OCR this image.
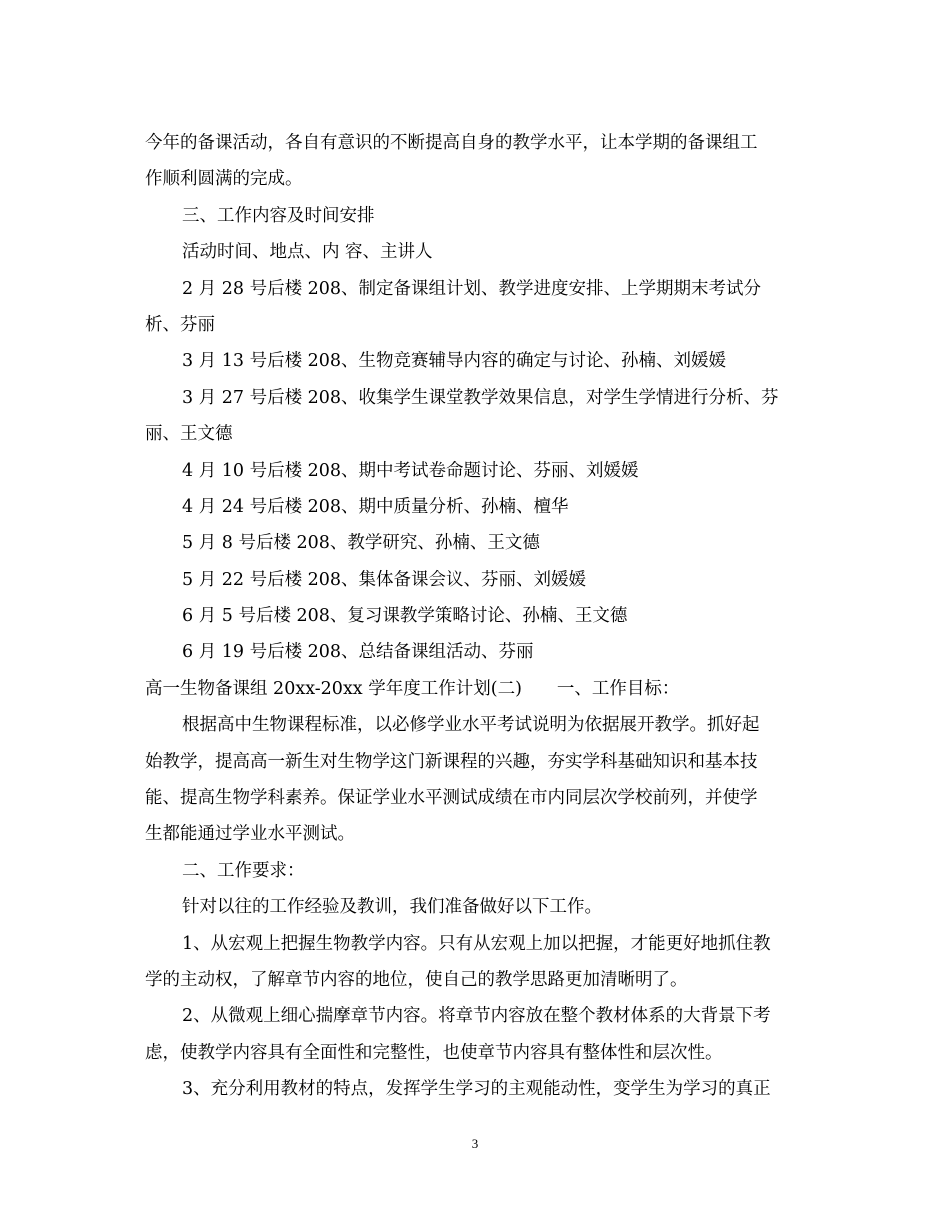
今年的备课活动，各自有意识的不断提高自身的教学水平，让本学期的备课组工
作顺利圆满的完成。
三、工作内容及时间安排
活动时间、地点、内 容、主讲人
2 月 28 号后楼 208、制定备课组计划、教学进度安排、上学期期末考试分
析、芬丽
3 月 13 号后楼 208、生物竞赛辅导内容的确定与讨论、孙楠、刘媛媛
3 月 27 号后楼 208、收集学生课堂教学效果信息，对学生学情进行分析、芬
丽、王文德
4 月 10 号后楼 208、期中考试卷命题讨论、芬丽、刘媛媛
4 月 24 号后楼 208、期中质量分析、孙楠、檀华
5 月 8 号后楼 208、教学研究、孙楠、王文德
5 月 22 号后楼 208、集体备课会议、芬丽、刘媛媛
6 月 5 号后楼 208、复习课教学策略讨论、孙楠、王文德
6 月 19 号后楼 208、总结备课组活动、芬丽
高一生物备课组 20xx-20xx 学年度工作计划(二)　　一、工作目标：
根据高中生物课程标准，以必修学业水平考试说明为依据展开教学。抓好起
始教学，提高高一新生对生物学这门新课程的兴趣，夯实学科基础知识和基本技
能、提高生物学科素养。保证学业水平测试成绩在市内同层次学校前列，并使学
生都能通过学业水平测试。
二、工作要求：
针对以往的工作经验及教训，我们准备做好以下工作。
1、从宏观上把握生物教学内容。只有从宏观上加以把握，才能更好地抓住教
学的主动权，了解章节内容的地位，使自己的教学思路更加清晰明了。
2、从微观上细心揣摩章节内容。将章节内容放在整个教材体系的大背景下考
虑，使教学内容具有全面性和完整性，也使章节内容具有整体性和层次性。
3、充分利用教材的特点，发挥学生学习的主观能动性，变学生为学习的真正
3
